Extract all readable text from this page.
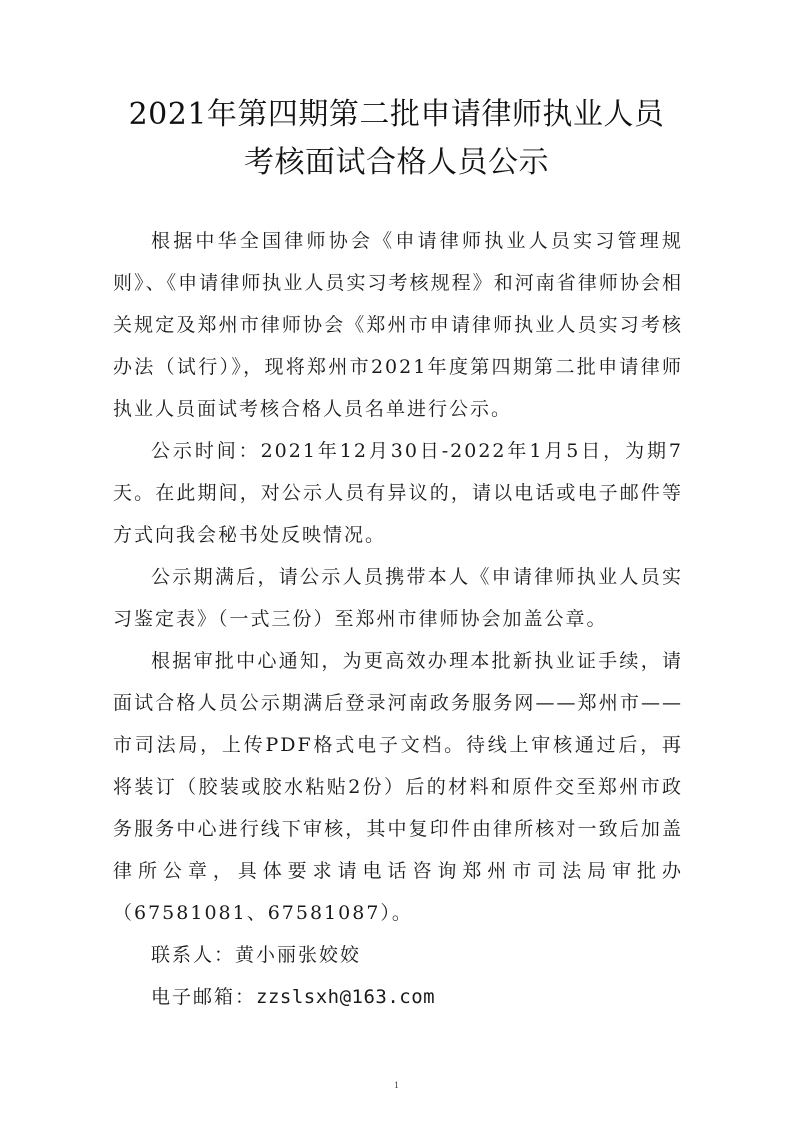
2021年第四期第二批申请律师执业人员
考核面试合格人员公示

根据中华全国律师协会《申请律师执业人员实习管理规则》、《申请律师执业人员实习考核规程》和河南省律师协会相关规定及郑州市律师协会《郑州市申请律师执业人员实习考核办法（试行）》，现将郑州市2021年度第四期第二批申请律师执业人员面试考核合格人员名单进行公示。

公示时间：2021年12月30日-2022年1月5日，为期7天。在此期间，对公示人员有异议的，请以电话或电子邮件等方式向我会秘书处反映情况。

公示期满后，请公示人员携带本人《申请律师执业人员实习鉴定表》（一式三份）至郑州市律师协会加盖公章。

根据审批中心通知，为更高效办理本批新执业证手续，请面试合格人员公示期满后登录河南政务服务网——郑州市——市司法局，上传PDF格式电子文档。待线上审核通过后，再将装订（胶装或胶水粘贴2份）后的材料和原件交至郑州市政务服务中心进行线下审核，其中复印件由律所核对一致后加盖律所公章，具体要求请电话咨询郑州市司法局审批办（67581081、67581087）。

联系人：黄小丽张姣姣

电子邮箱：zzslsxh@163.com

1
